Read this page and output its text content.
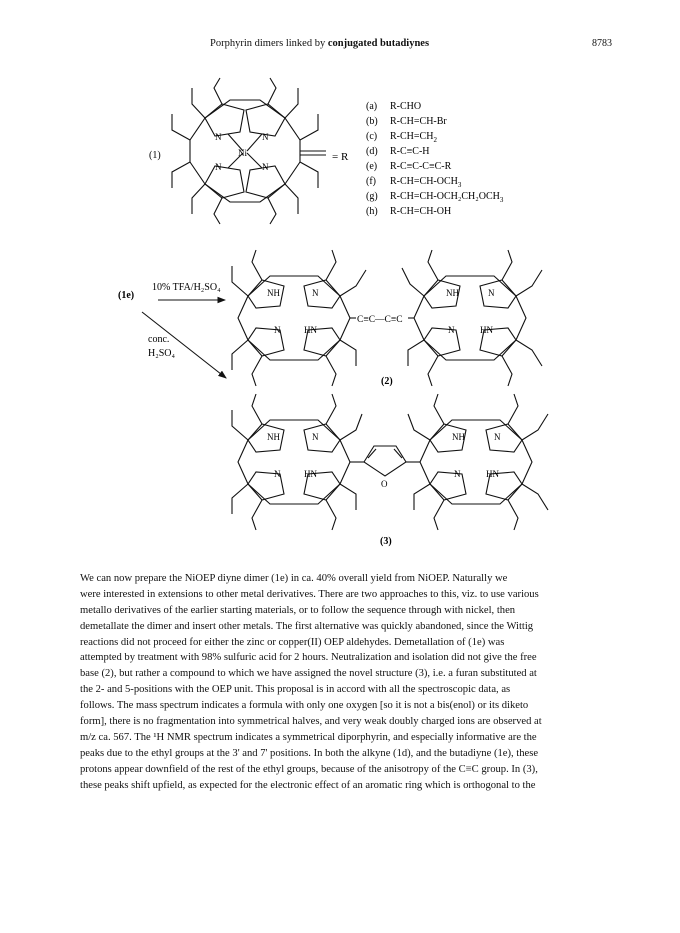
Porphyrin dimers linked by conjugated butadiynes	8783
(1)	Ni
N	N
N	N
= R
(a) R-CHO
(b) R-CH=CH-Br
(c) $R-CH=CH_2$
(d) R-C≡C-H
(e) R-C≡C-C≡C-R
(f) $R-CH=CH-OCH_3$
(g) $R-CH=CH-OCH_2CH_2OCH_3$
(h) R-CH=CH-OH
(1e)
10% TFA/H₂SO₄
conc.
H₂SO₄
NH	N
N	HN
C≡C—C≡C
NH	N
N	HN
(2)
NH	N
N	HN
O
NH	N
N	HN
(3)
We can now prepare the NiOEP diyne dimer (1e) in ca. 40% overall yield from NiOEP. Naturally we
were interested in extensions to other metal derivatives. There are two approaches to this, viz. to use various
metallo derivatives of the earlier starting materials, or to follow the sequence through with nickel, then
demetallate the dimer and insert other metals. The first alternative was quickly abandoned, since the Wittig
reactions did not proceed for either the zinc or copper(II) OEP aldehydes. Demetallation of (1e) was
attempted by treatment with 98% sulfuric acid for 2 hours. Neutralization and isolation did not give the free
base (2), but rather a compound to which we have assigned the novel structure (3), i.e. a furan substituted at
the 2- and 5-positions with the OEP unit. This proposal is in accord with all the spectroscopic data, as
follows. The mass spectrum indicates a formula with only one oxygen [so it is not a bis(enol) or its diketo
form], there is no fragmentation into symmetrical halves, and very weak doubly charged ions are observed at
m/z ca. 567. The ¹H NMR spectrum indicates a symmetrical diporphyrin, and especially informative are the
peaks due to the ethyl groups at the 3' and 7' positions. In both the alkyne (1d), and the butadiyne (1e), these
protons appear downfield of the rest of the ethyl groups, because of the anisotropy of the C≡C group. In (3),
these peaks shift upfield, as expected for the electronic effect of an aromatic ring which is orthogonal to the
